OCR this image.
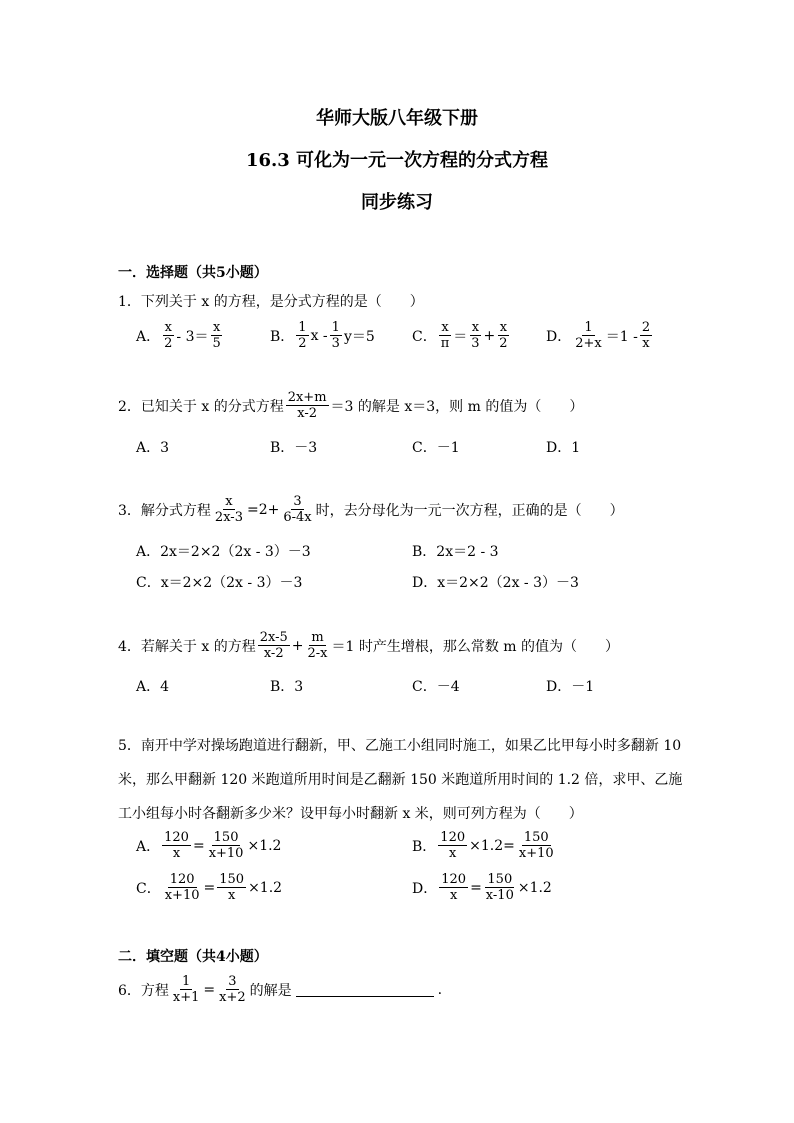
华师大版八年级下册
16.3 可化为一元一次方程的分式方程
同步练习
一．选择题（共5小题）
1．下列关于 x 的方程，是分式方程的是（　　）
A． $\frac{x}{2} - 3= \frac{x}{5}$	B． $\frac{1}{2}$ $x - \frac{1}{3} y=5$	C． $\frac{x}{\pi} = \frac{x}{3} + \frac{x}{2}$	D． $\frac{1}{2+x} =1 - \frac{2}{x}$
2．已知关于 x 的分式方程 $\frac{2x+m}{x-2} =3$ 的解是 x＝3，则 m 的值为（　　）
A．3	B．－3	C．－1	D．1
3．解分式方程 $\frac{x}{2x-3} =2+ \frac{3}{6-4x}$ 时，去分母化为一元一次方程，正确的是（　　）
A．2x＝2×2（2x - 3）－3	B．2x＝2 - 3
C．x＝2×2（2x - 3）－3	D．x＝2×2（2x - 3）－3
4．若解关于 x 的方程 $\frac{2x-5}{x-2} + \frac{m}{2-x} =1$ 时产生增根，那么常数 m 的值为（　　）
A．4	B．3	C．－4	D．－1
5．南开中学对操场跑道进行翻新，甲、乙施工小组同时施工，如果乙比甲每小时多翻新 10 米，那么甲翻新 120 米跑道所用时间是乙翻新 150 米跑道所用时间的 1.2 倍，求甲、乙施工小组每小时各翻新多少米？设甲每小时翻新 x 米，则可列方程为（　　）
A． $\frac{120}{x} = \frac{150}{x+10} \times 1.2$	B． $\frac{120}{x} \times 1.2= \frac{150}{x+10}$
C． $\frac{120}{x+10} = \frac{150}{x} \times 1.2$	D． $\frac{120}{x} = \frac{150}{x-10} \times 1.2$
二．填空题（共4小题）
6．方程 $\frac{1}{x+1} = \frac{3}{x+2}$ 的解是	.
